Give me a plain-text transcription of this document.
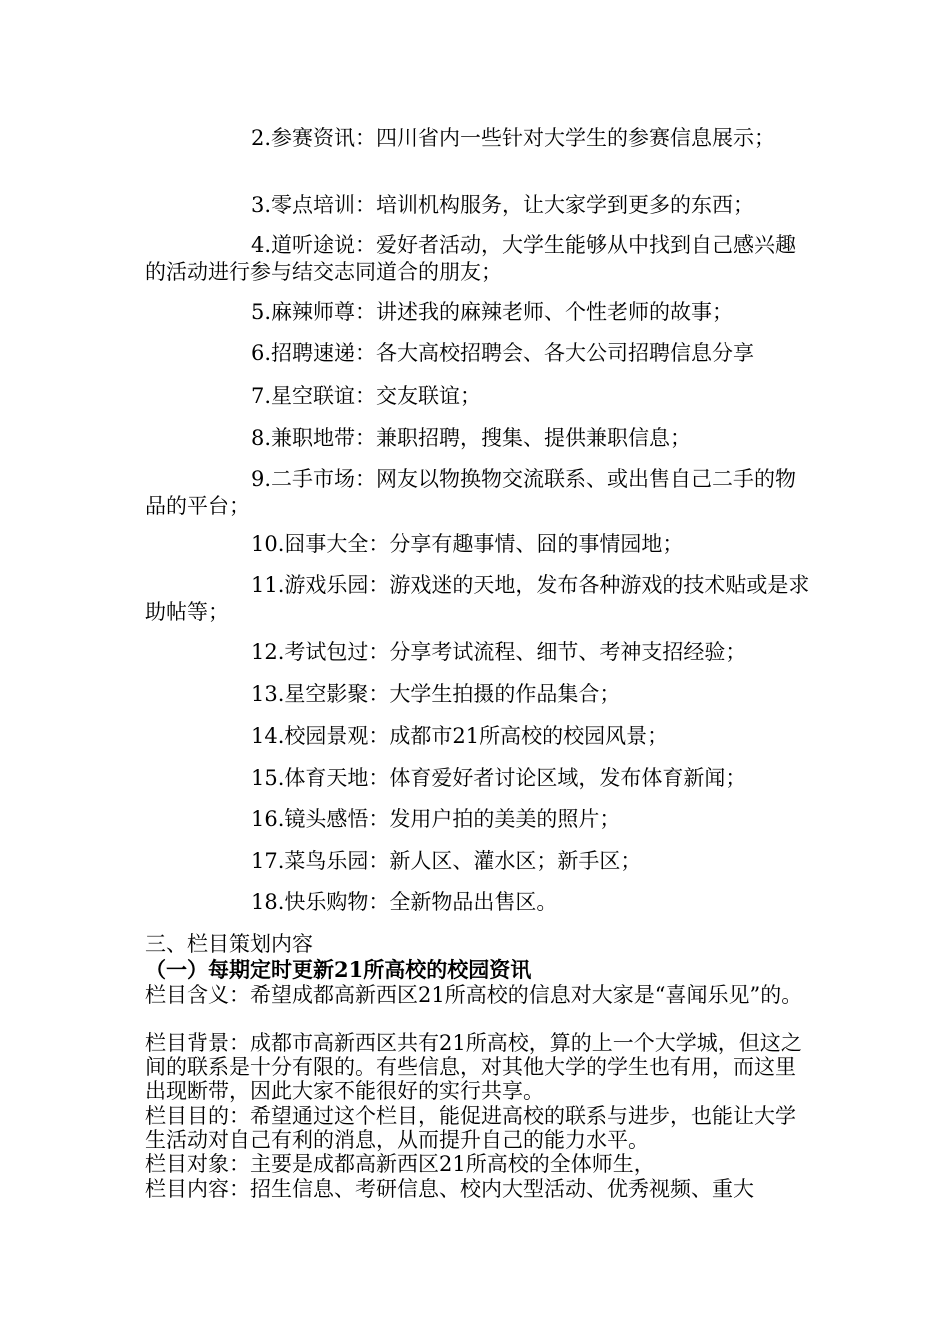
2.参赛资讯：四川省内一些针对大学生的参赛信息展示；

3.零点培训：培训机构服务，让大家学到更多的东西；

4.道听途说：爱好者活动，大学生能够从中找到自己感兴趣的活动进行参与结交志同道合的朋友；

5.麻辣师尊：讲述我的麻辣老师、个性老师的故事；

6.招聘速递：各大高校招聘会、各大公司招聘信息分享

7.星空联谊：交友联谊；

8.兼职地带：兼职招聘，搜集、提供兼职信息；

9.二手市场：网友以物换物交流联系、或出售自己二手的物品的平台；

10.囧事大全：分享有趣事情、囧的事情园地；

11.游戏乐园：游戏迷的天地，发布各种游戏的技术贴或是求助帖等；

12.考试包过：分享考试流程、细节、考神支招经验；

13.星空影聚：大学生拍摄的作品集合；

14.校园景观：成都市21所高校的校园风景；

15.体育天地：体育爱好者讨论区域，发布体育新闻；

16.镜头感悟：发用户拍的美美的照片；

17.菜鸟乐园：新人区、灌水区；新手区；

18.快乐购物：全新物品出售区。

三、栏目策划内容

（一）每期定时更新21所高校的校园资讯

栏目含义：希望成都高新西区21所高校的信息对大家是“喜闻乐见”的。

栏目背景：成都市高新西区共有21所高校，算的上一个大学城，但这之间的联系是十分有限的。有些信息，对其他大学的学生也有用，而这里出现断带，因此大家不能很好的实行共享。

栏目目的：希望通过这个栏目，能促进高校的联系与进步，也能让大学生活动对自己有利的消息，从而提升自己的能力水平。

栏目对象：主要是成都高新西区21所高校的全体师生，

栏目内容：招生信息、考研信息、校内大型活动、优秀视频、重大
